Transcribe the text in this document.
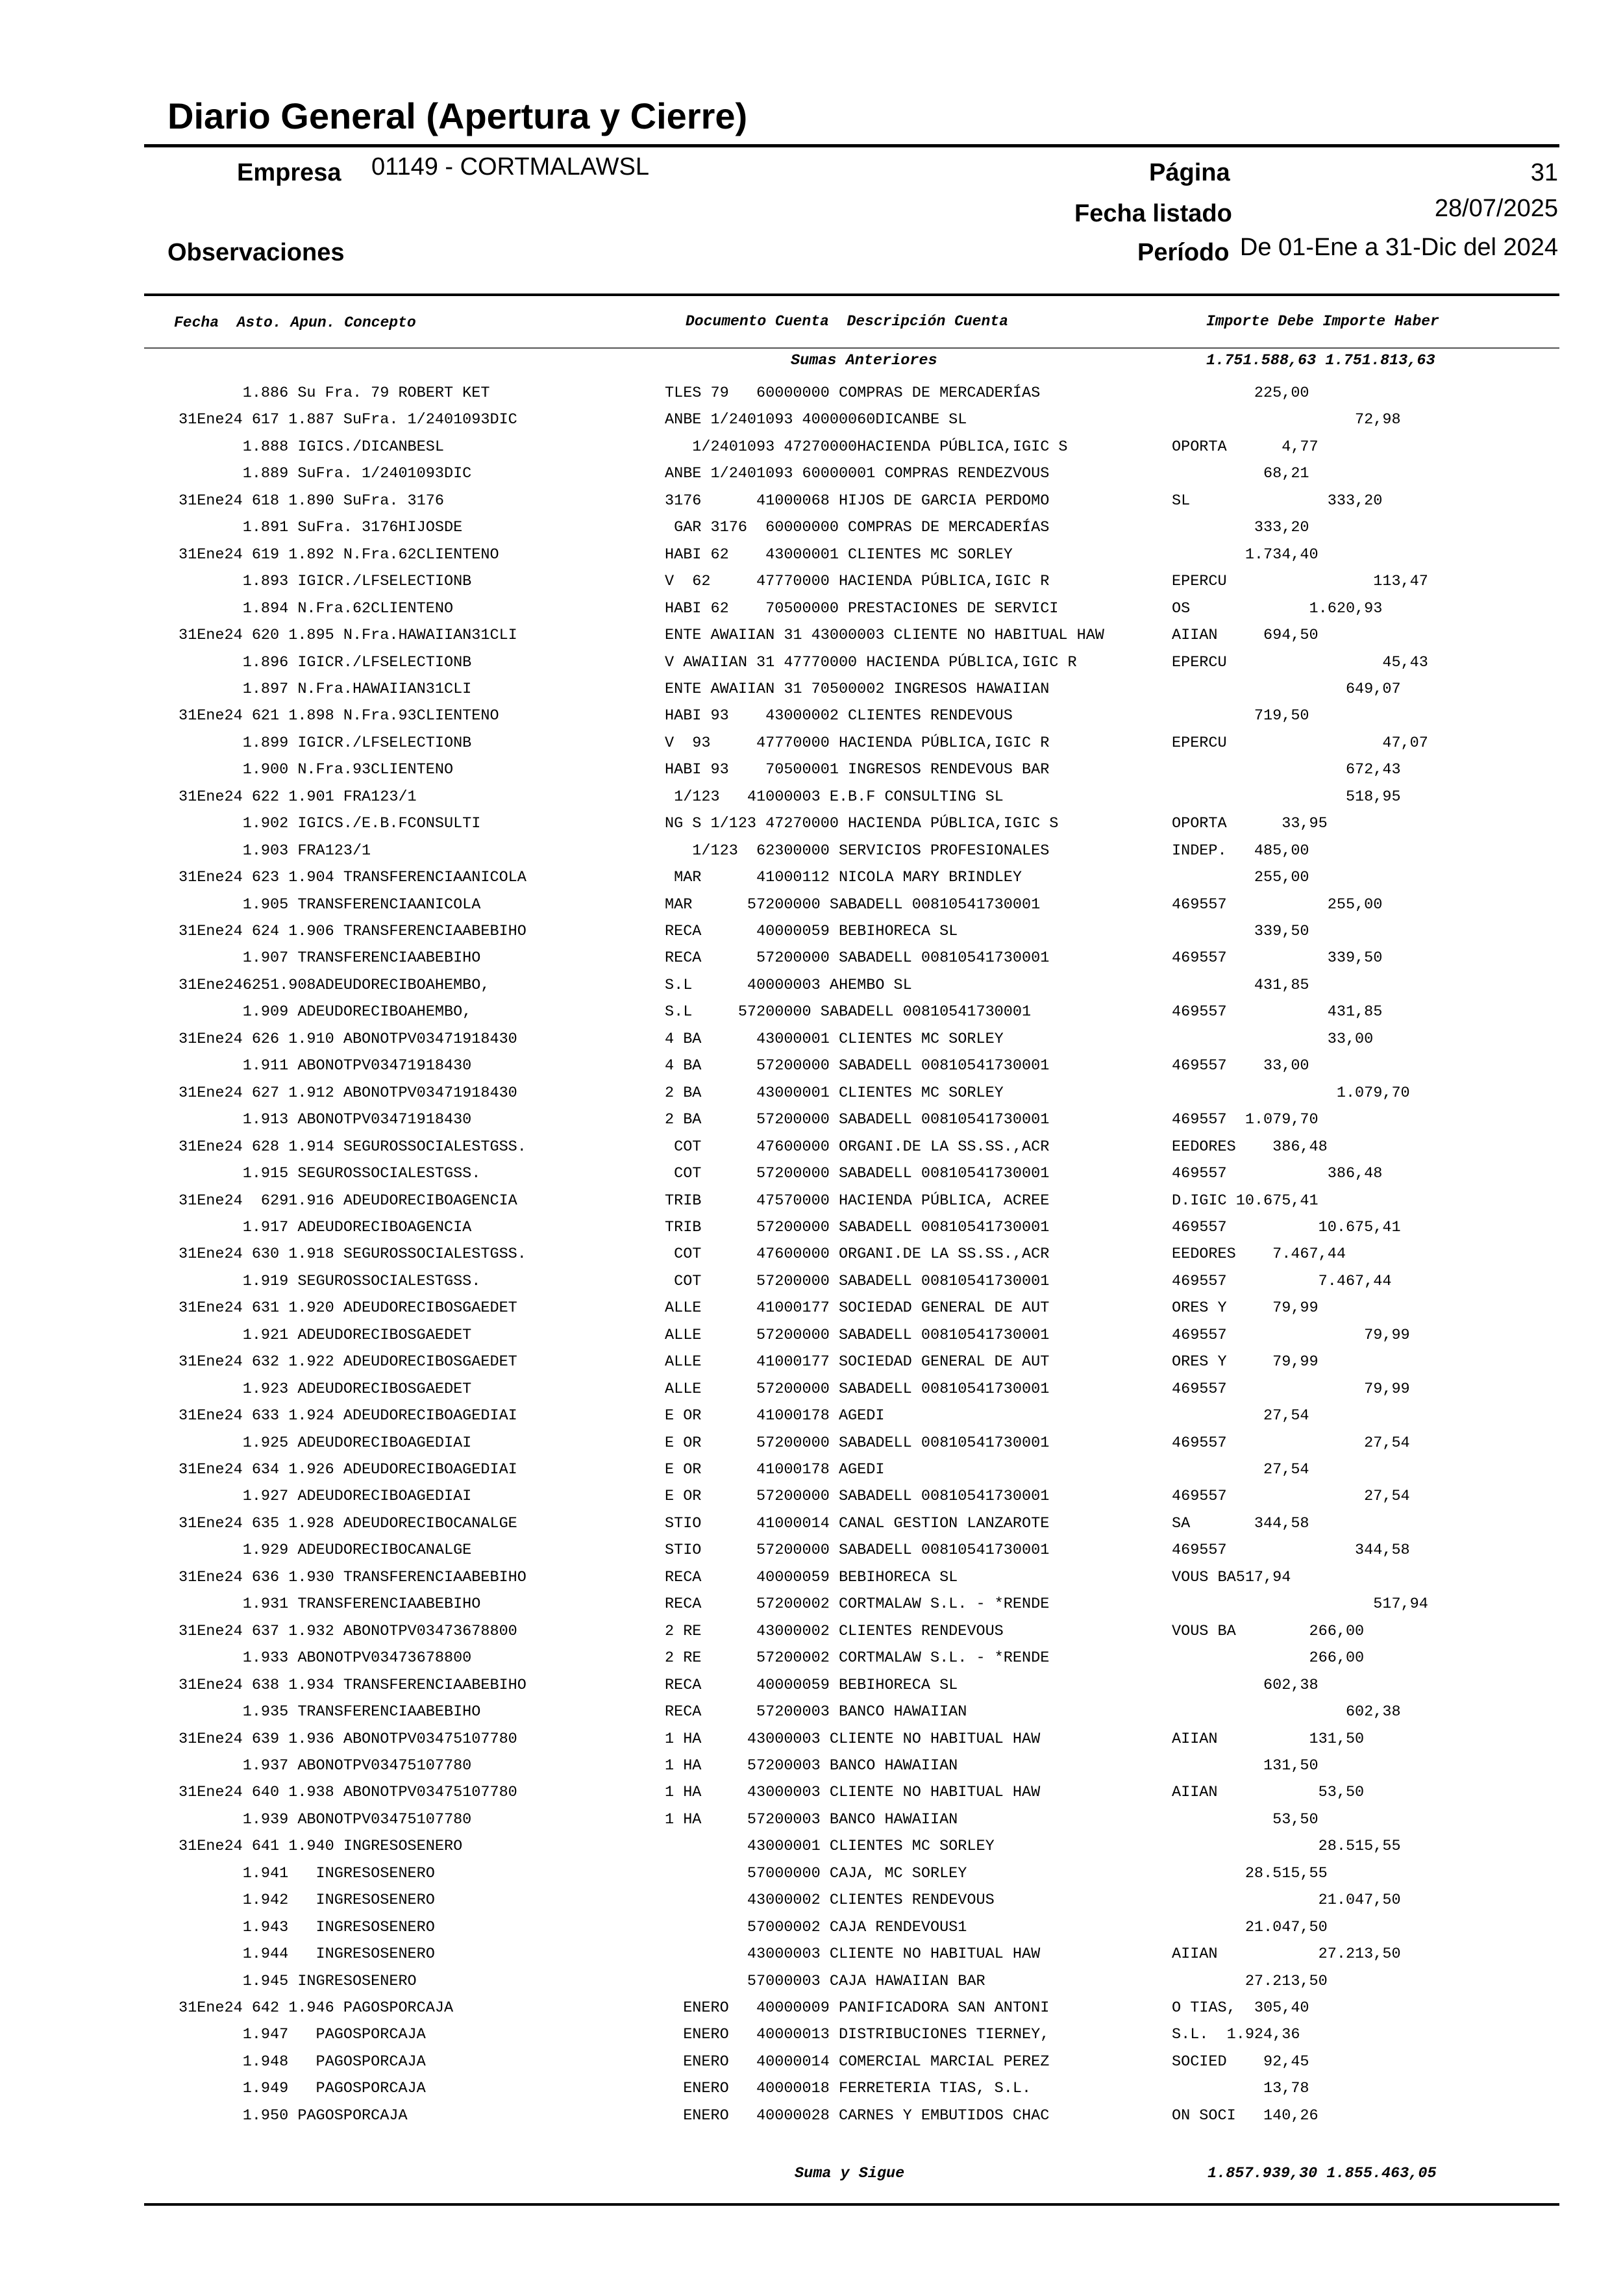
Diario General (Apertura y Cierre)
Empresa 01149 - CORTMALAWSL	Página	31
Fecha listado	28/07/2025
Observaciones	Período De 01-Ene a 31-Dic del 2024
Fecha  Asto. Apun. Concepto	Documento Cuenta  Descripción Cuenta	Importe Debe Importe Haber
Sumas Anteriores	1.751.588,63 1.751.813,63
1.886 Su Fra. 79 ROBERT KET	TLES 79   60000000 COMPRAS DE MERCADERÍAS	225,00
31Ene24 617 1.887 SuFra. 1/2401093DIC	ANBE 1/2401093 40000060DICANBE SL	72,98
1.888 IGICS./DICANBESL	1/2401093 47270000HACIENDA PÚBLICA,IGIC S	OPORTA      4,77
1.889 SuFra. 1/2401093DIC	ANBE 1/2401093 60000001 COMPRAS RENDEZVOUS	68,21
31Ene24 618 1.890 SuFra. 3176	3176      41000068 HIJOS DE GARCIA PERDOMO	SL               333,20
1.891 SuFra. 3176HIJOSDE	GAR 3176  60000000 COMPRAS DE MERCADERÍAS	333,20
31Ene24 619 1.892 N.Fra.62CLIENTENO	HABI 62    43000001 CLIENTES MC SORLEY	1.734,40
1.893 IGICR./LFSELECTIONB	V  62     47770000 HACIENDA PÚBLICA,IGIC R	EPERCU                113,47
1.894 N.Fra.62CLIENTENO	HABI 62    70500000 PRESTACIONES DE SERVICI	OS             1.620,93
31Ene24 620 1.895 N.Fra.HAWAIIAN31CLI	ENTE AWAIIAN 31 43000003 CLIENTE NO HABITUAL HAW	AIIAN     694,50
1.896 IGICR./LFSELECTIONB	V AWAIIAN 31 47770000 HACIENDA PÚBLICA,IGIC R	EPERCU                 45,43
1.897 N.Fra.HAWAIIAN31CLI	ENTE AWAIIAN 31 70500002 INGRESOS HAWAIIAN	649,07
31Ene24 621 1.898 N.Fra.93CLIENTENO	HABI 93    43000002 CLIENTES RENDEVOUS	719,50
1.899 IGICR./LFSELECTIONB	V  93     47770000 HACIENDA PÚBLICA,IGIC R	EPERCU                 47,07
1.900 N.Fra.93CLIENTENO	HABI 93    70500001 INGRESOS RENDEVOUS BAR	672,43
31Ene24 622 1.901 FRA123/1	1/123   41000003 E.B.F CONSULTING SL	518,95
1.902 IGICS./E.B.FCONSULTI	NG S 1/123 47270000 HACIENDA PÚBLICA,IGIC S	OPORTA      33,95
1.903 FRA123/1	1/123  62300000 SERVICIOS PROFESIONALES	INDEP.   485,00
31Ene24 623 1.904 TRANSFERENCIAANICOLA	MAR      41000112 NICOLA MARY BRINDLEY	255,00
1.905 TRANSFERENCIAANICOLA	MAR      57200000 SABADELL 00810541730001	469557           255,00
31Ene24 624 1.906 TRANSFERENCIAABEBIHO	RECA      40000059 BEBIHORECA SL	339,50
1.907 TRANSFERENCIAABEBIHO	RECA      57200000 SABADELL 00810541730001	469557           339,50
31Ene246251.908ADEUDORECIBOAHEMBO,	S.L      40000003 AHEMBO SL	431,85
1.909 ADEUDORECIBOAHEMBO,	S.L     57200000 SABADELL 00810541730001	469557           431,85
31Ene24 626 1.910 ABONOTPV03471918430	4 BA      43000001 CLIENTES MC SORLEY	33,00
1.911 ABONOTPV03471918430	4 BA      57200000 SABADELL 00810541730001	469557    33,00
31Ene24 627 1.912 ABONOTPV03471918430	2 BA      43000001 CLIENTES MC SORLEY	1.079,70
1.913 ABONOTPV03471918430	2 BA      57200000 SABADELL 00810541730001	469557  1.079,70
31Ene24 628 1.914 SEGUROSSOCIALESTGSS.	COT      47600000 ORGANI.DE LA SS.SS.,ACR	EEDORES    386,48
1.915 SEGUROSSOCIALESTGSS.	COT      57200000 SABADELL 00810541730001	469557           386,48
31Ene24  6291.916 ADEUDORECIBOAGENCIA	TRIB      47570000 HACIENDA PÚBLICA, ACREE	D.IGIC 10.675,41
1.917 ADEUDORECIBOAGENCIA	TRIB      57200000 SABADELL 00810541730001	469557          10.675,41
31Ene24 630 1.918 SEGUROSSOCIALESTGSS.	COT      47600000 ORGANI.DE LA SS.SS.,ACR	EEDORES    7.467,44
1.919 SEGUROSSOCIALESTGSS.	COT      57200000 SABADELL 00810541730001	469557          7.467,44
31Ene24 631 1.920 ADEUDORECIBOSGAEDET	ALLE      41000177 SOCIEDAD GENERAL DE AUT	ORES Y     79,99
1.921 ADEUDORECIBOSGAEDET	ALLE      57200000 SABADELL 00810541730001	469557               79,99
31Ene24 632 1.922 ADEUDORECIBOSGAEDET	ALLE      41000177 SOCIEDAD GENERAL DE AUT	ORES Y     79,99
1.923 ADEUDORECIBOSGAEDET	ALLE      57200000 SABADELL 00810541730001	469557               79,99
31Ene24 633 1.924 ADEUDORECIBOAGEDIAI	E OR      41000178 AGEDI	27,54
1.925 ADEUDORECIBOAGEDIAI	E OR      57200000 SABADELL 00810541730001	469557               27,54
31Ene24 634 1.926 ADEUDORECIBOAGEDIAI	E OR      41000178 AGEDI	27,54
1.927 ADEUDORECIBOAGEDIAI	E OR      57200000 SABADELL 00810541730001	469557               27,54
31Ene24 635 1.928 ADEUDORECIBOCANALGE	STIO      41000014 CANAL GESTION LANZAROTE	SA       344,58
1.929 ADEUDORECIBOCANALGE	STIO      57200000 SABADELL 00810541730001	469557              344,58
31Ene24 636 1.930 TRANSFERENCIAABEBIHO	RECA      40000059 BEBIHORECA SL	VOUS BA517,94
1.931 TRANSFERENCIAABEBIHO	RECA      57200002 CORTMALAW S.L. - *RENDE	517,94
31Ene24 637 1.932 ABONOTPV03473678800	2 RE      43000002 CLIENTES RENDEVOUS	VOUS BA        266,00
1.933 ABONOTPV03473678800	2 RE      57200002 CORTMALAW S.L. - *RENDE	266,00
31Ene24 638 1.934 TRANSFERENCIAABEBIHO	RECA      40000059 BEBIHORECA SL	602,38
1.935 TRANSFERENCIAABEBIHO	RECA      57200003 BANCO HAWAIIAN	602,38
31Ene24 639 1.936 ABONOTPV03475107780	1 HA     43000003 CLIENTE NO HABITUAL HAW	AIIAN          131,50
1.937 ABONOTPV03475107780	1 HA     57200003 BANCO HAWAIIAN	131,50
31Ene24 640 1.938 ABONOTPV03475107780	1 HA     43000003 CLIENTE NO HABITUAL HAW	AIIAN           53,50
1.939 ABONOTPV03475107780	1 HA     57200003 BANCO HAWAIIAN	53,50
31Ene24 641 1.940 INGRESOSENERO	43000001 CLIENTES MC SORLEY	28.515,55
1.941   INGRESOSENERO	57000000 CAJA, MC SORLEY	28.515,55
1.942   INGRESOSENERO	43000002 CLIENTES RENDEVOUS	21.047,50
1.943   INGRESOSENERO	57000002 CAJA RENDEVOUS1	21.047,50
1.944   INGRESOSENERO	43000003 CLIENTE NO HABITUAL HAW	AIIAN           27.213,50
1.945 INGRESOSENERO	57000003 CAJA HAWAIIAN BAR	27.213,50
31Ene24 642 1.946 PAGOSPORCAJA	ENERO   40000009 PANIFICADORA SAN ANTONI	O TIAS,  305,40
1.947   PAGOSPORCAJA	ENERO   40000013 DISTRIBUCIONES TIERNEY,	S.L.  1.924,36
1.948   PAGOSPORCAJA	ENERO   40000014 COMERCIAL MARCIAL PEREZ	SOCIED    92,45
1.949   PAGOSPORCAJA	ENERO   40000018 FERRETERIA TIAS, S.L.	13,78
1.950 PAGOSPORCAJA	ENERO   40000028 CARNES Y EMBUTIDOS CHAC	ON SOCI   140,26
Suma y Sigue	1.857.939,30 1.855.463,05
